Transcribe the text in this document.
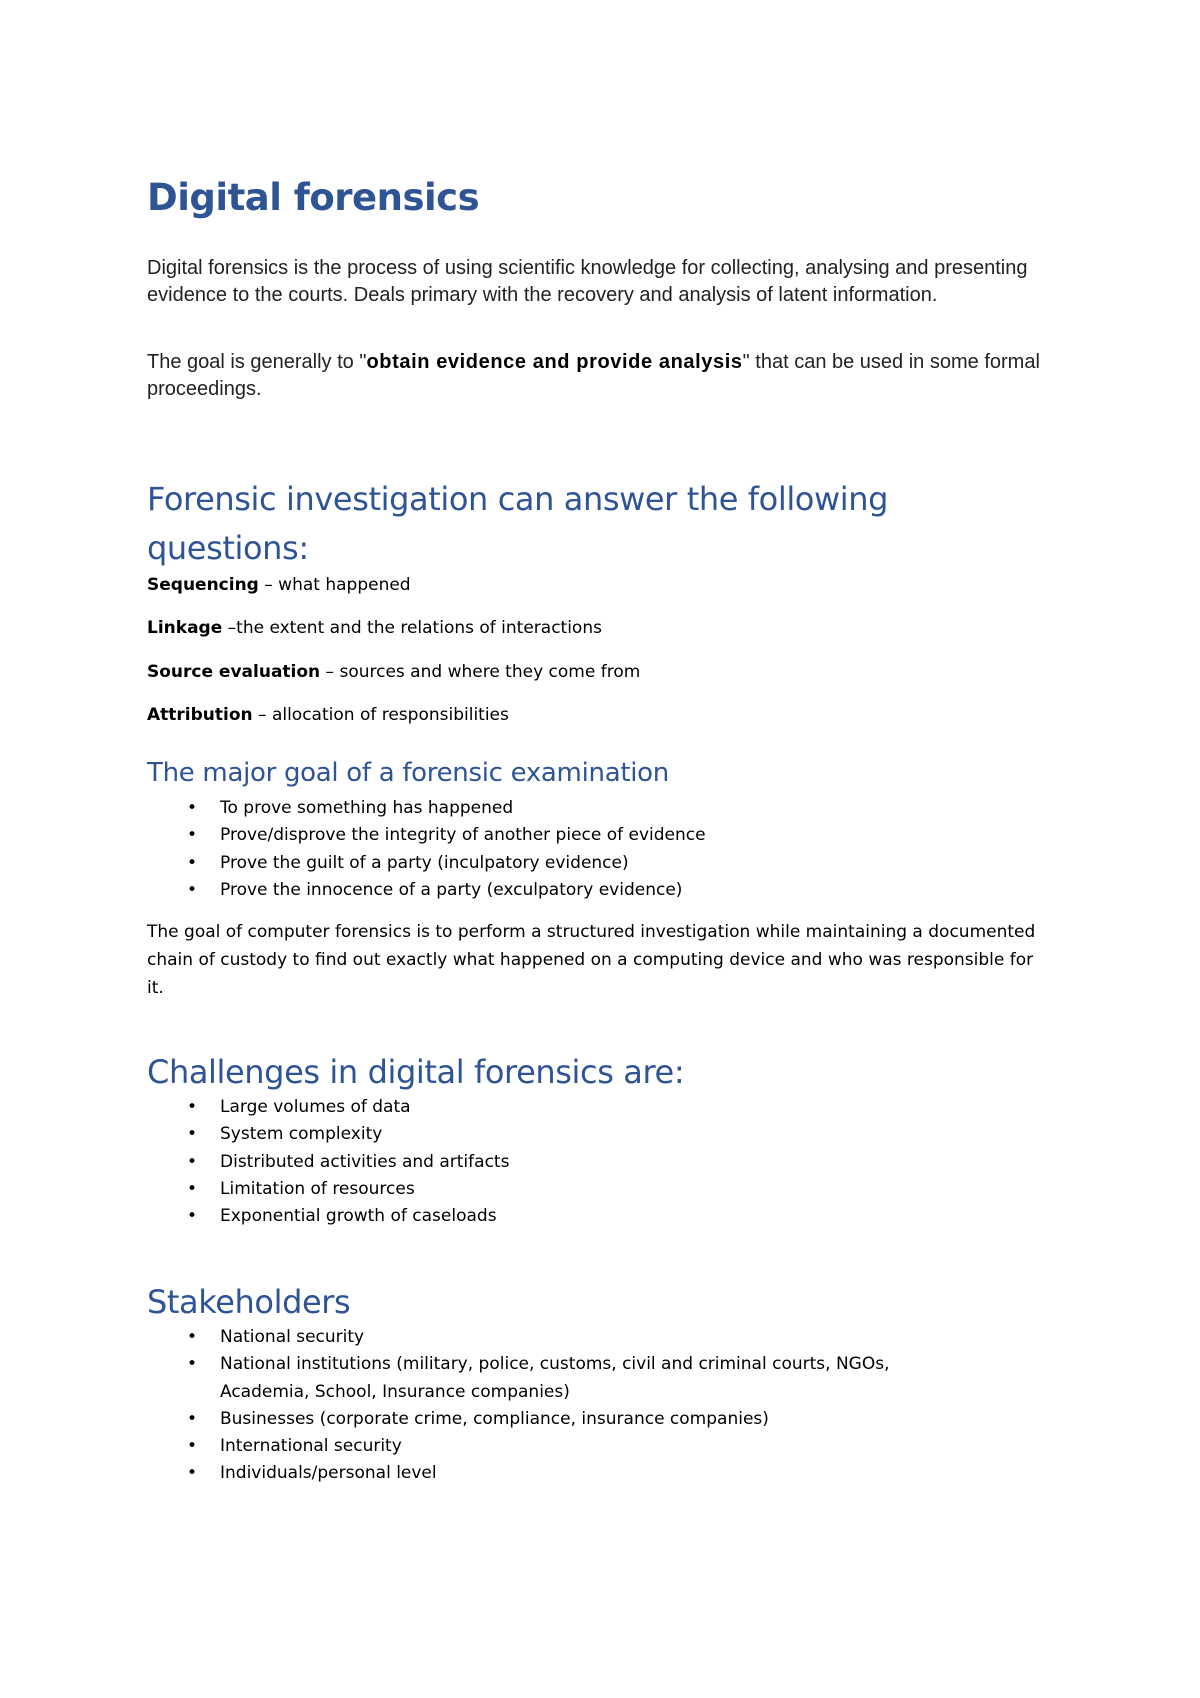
Digital forensics

Digital forensics is the process of using scientific knowledge for collecting, analysing and presenting evidence to the courts. Deals primary with the recovery and analysis of latent information.

The goal is generally to "obtain evidence and provide analysis" that can be used in some formal proceedings.

Forensic investigation can answer the following questions:

Sequencing – what happened

Linkage –the extent and the relations of interactions

Source evaluation – sources and where they come from

Attribution – allocation of responsibilities

The major goal of a forensic examination
• To prove something has happened
• Prove/disprove the integrity of another piece of evidence
• Prove the guilt of a party (inculpatory evidence)
• Prove the innocence of a party (exculpatory evidence)

The goal of computer forensics is to perform a structured investigation while maintaining a documented chain of custody to find out exactly what happened on a computing device and who was responsible for it.

Challenges in digital forensics are:
• Large volumes of data
• System complexity
• Distributed activities and artifacts
• Limitation of resources
• Exponential growth of caseloads
Stakeholders
• National security
• National institutions (military, police, customs, civil and criminal courts, NGOs, Academia, School, Insurance companies)
• Businesses (corporate crime, compliance, insurance companies)
• International security
• Individuals/personal level
